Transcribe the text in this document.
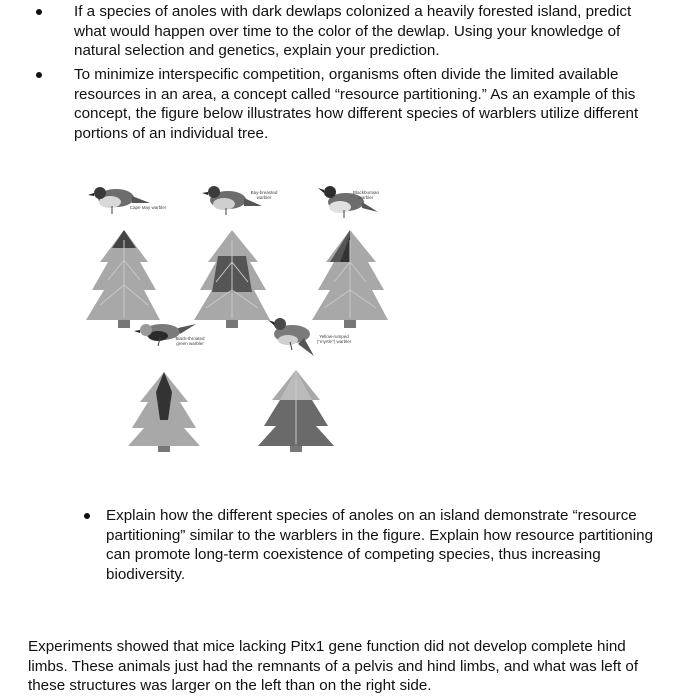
If a species of anoles with dark dewlaps colonized a heavily forested island, predict what would happen over time to the color of the dewlap. Using your knowledge of natural selection and genetics, explain your prediction.
To minimize interspecific competition, organisms often divide the limited available resources in an area, a concept called “resource partitioning.” As an example of this concept, the figure below illustrates how different species of warblers utilize different portions of an individual tree.
Cape May warbler
Bay-breasted warbler
Blackburnian warbler
Black-throated green warbler
Yellow-rumped ("myrtle") warbler
Explain how the different species of anoles on an island demonstrate “resource partitioning” similar to the warblers in the figure. Explain how resource partitioning can promote long-term coexistence of competing species, thus increasing biodiversity.
Experiments showed that mice lacking Pitx1 gene function did not develop complete hind limbs. These animals just had the remnants of a pelvis and hind limbs, and what was left of these structures was larger on the left than on the right side.
